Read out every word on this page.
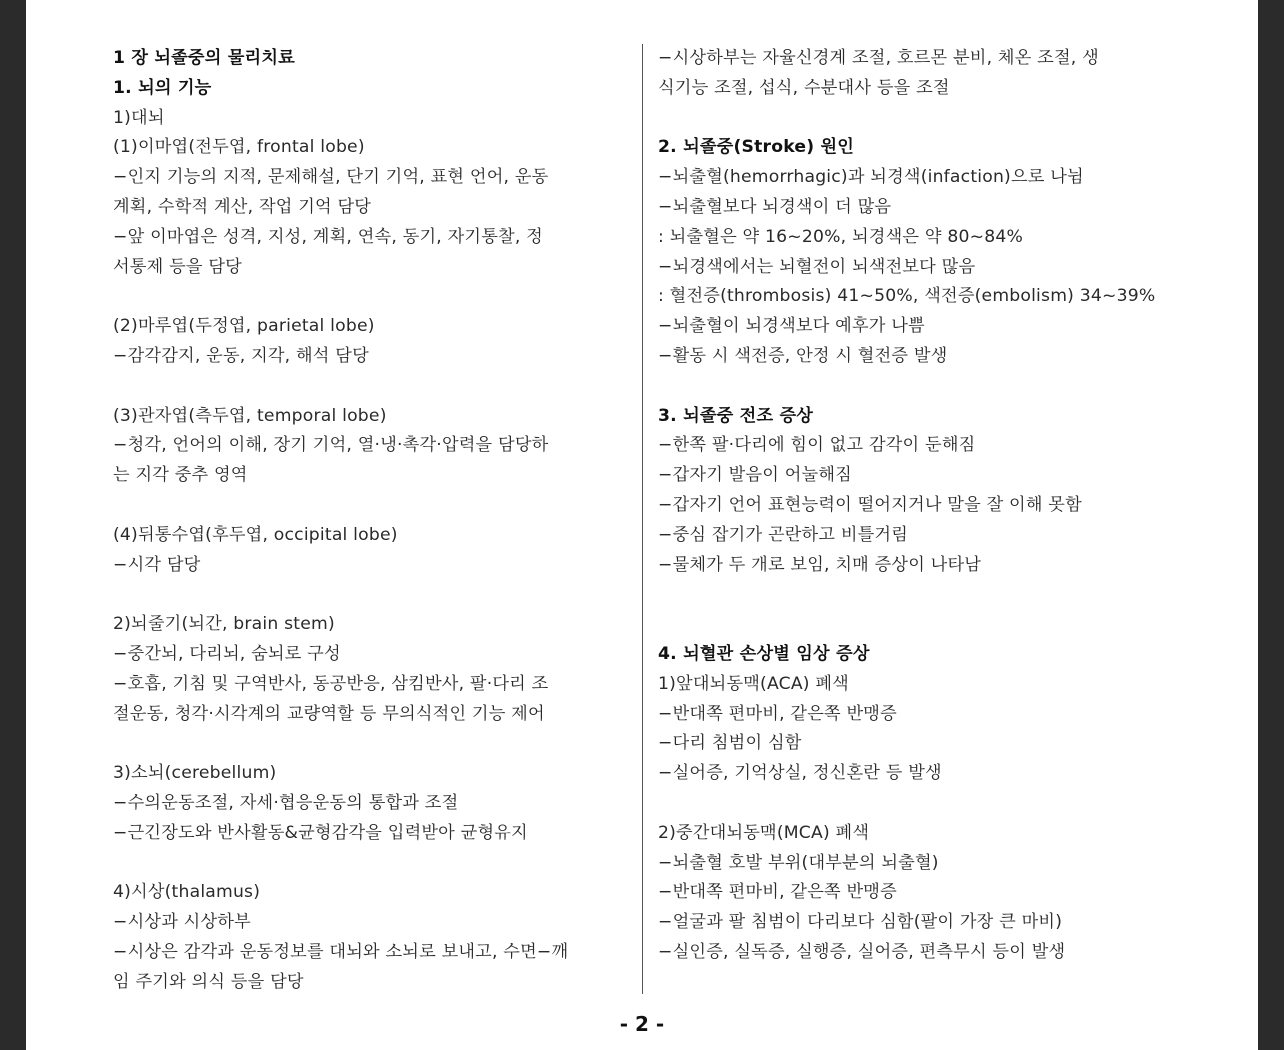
1 장 뇌졸중의 물리치료
1. 뇌의 기능
1)대뇌
(1)이마엽(전두엽, frontal lobe)
−인지 기능의 지적, 문제해설, 단기 기억, 표현 언어, 운동
계획, 수학적 계산, 작업 기억 담당
−앞 이마엽은 성격, 지성, 계획, 연속, 동기, 자기통찰, 정
서통제 등을 담당
(2)마루엽(두정엽, parietal lobe)
−감각감지, 운동, 지각, 해석 담당
(3)관자엽(측두엽, temporal lobe)
−청각, 언어의 이해, 장기 기억, 열·냉·촉각·압력을 담당하
는 지각 중추 영역
(4)뒤통수엽(후두엽, occipital lobe)
−시각 담당
2)뇌줄기(뇌간, brain stem)
−중간뇌, 다리뇌, 숨뇌로 구성
−호흡, 기침 및 구역반사, 동공반응, 삼킴반사, 팔·다리 조
절운동, 청각·시각계의 교량역할 등 무의식적인 기능 제어
3)소뇌(cerebellum)
−수의운동조절, 자세·협응운동의 통합과 조절
−근긴장도와 반사활동&균형감각을 입력받아 균형유지
4)시상(thalamus)
−시상과 시상하부
−시상은 감각과 운동정보를 대뇌와 소뇌로 보내고, 수면−깨
임 주기와 의식 등을 담당
−시상하부는 자율신경계 조절, 호르몬 분비, 체온 조절, 생
식기능 조절, 섭식, 수분대사 등을 조절
2. 뇌졸중(Stroke) 원인
−뇌출혈(hemorrhagic)과 뇌경색(infaction)으로 나뉨
−뇌출혈보다 뇌경색이 더 많음
: 뇌출혈은 약 16~20%, 뇌경색은 약 80~84%
−뇌경색에서는 뇌혈전이 뇌색전보다 많음
: 혈전증(thrombosis) 41~50%, 색전증(embolism) 34~39%
−뇌출혈이 뇌경색보다 예후가 나쁨
−활동 시 색전증, 안정 시 혈전증 발생
3. 뇌졸중 전조 증상
−한쪽 팔·다리에 힘이 없고 감각이 둔해짐
−갑자기 발음이 어눌해짐
−갑자기 언어 표현능력이 떨어지거나 말을 잘 이해 못함
−중심 잡기가 곤란하고 비틀거림
−물체가 두 개로 보임, 치매 증상이 나타남
4. 뇌혈관 손상별 임상 증상
1)앞대뇌동맥(ACA) 폐색
−반대쪽 편마비, 같은쪽 반맹증
−다리 침범이 심함
−실어증, 기억상실, 정신혼란 등 발생
2)중간대뇌동맥(MCA) 폐색
−뇌출혈 호발 부위(대부분의 뇌출혈)
−반대쪽 편마비, 같은쪽 반맹증
−얼굴과 팔 침범이 다리보다 심함(팔이 가장 큰 마비)
−실인증, 실독증, 실행증, 실어증, 편측무시 등이 발생
- 2 -
